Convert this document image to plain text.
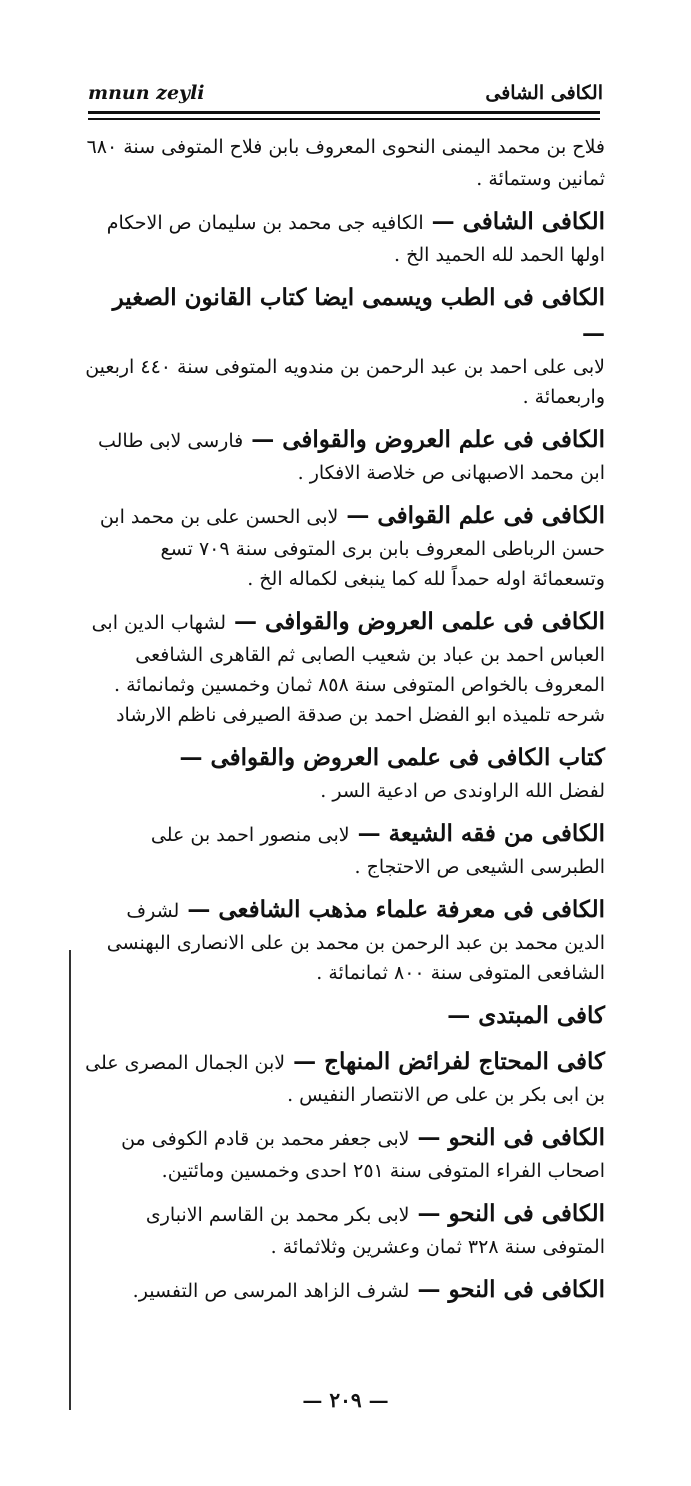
mnun zeyli	الكافى الشافى

فلاح بن محمد اليمنى النحوى المعروف بابن فلاح المتوفى سنة ٦٨٠ ثمانين وستمائة .

الكافى الشافى — الكافيه جى محمد بن سليمان ص الاحكام اولها الحمد لله الحميد الخ .

الكافى فى الطب ويسمى ايضا كتاب القانون الصغير —
لابى على احمد بن عبد الرحمن بن مندويه المتوفى سنة ٤٤٠ اربعين واربعمائة .

الكافى فى علم العروض والقوافى — فارسى لابى طالب ابن محمد الاصبهانى ص خلاصة الافكار .

الكافى فى علم القوافى — لابى الحسن على بن محمد ابن حسن الرباطى المعروف بابن برى المتوفى سنة ٧٠٩ تسع وتسعمائة اوله حمداً لله كما ينبغى لكماله الخ .

الكافى فى علمى العروض والقوافى — لشهاب الدين ابى العباس احمد بن عباد بن شعيب الصابى ثم القاهرى الشافعى المعروف بالخواص المتوفى سنة ٨٥٨ ثمان وخمسين وثمانمائة . شرحه تلميذه ابو الفضل احمد بن صدقة الصيرفى ناظم الارشاد

كتاب الكافى فى علمى العروض والقوافى —
لفضل الله الراوندى ص ادعية السر .

الكافى من فقه الشيعة — لابى منصور احمد بن على الطبرسى الشيعى ص الاحتجاج .

الكافى فى معرفة علماء مذهب الشافعى — لشرف الدين محمد بن عبد الرحمن بن محمد بن على الانصارى البهنسى الشافعى المتوفى سنة ٨٠٠ ثمانمائة .

كافى المبتدى —

كافى المحتاج لفرائض المنهاج — لابن الجمال المصرى على بن ابى بكر بن على ص الانتصار النفيس .

الكافى فى النحو — لابى جعفر محمد بن قادم الكوفى من اصحاب الفراء المتوفى سنة ٢٥١ احدى وخمسين ومائتين.

الكافى فى النحو — لابى بكر محمد بن القاسم الانبارى المتوفى سنة ٣٢٨ ثمان وعشرين وثلاثمائة .

الكافى فى النحو — لشرف الزاهد المرسى ص التفسير.

— ٢٠٩ —
